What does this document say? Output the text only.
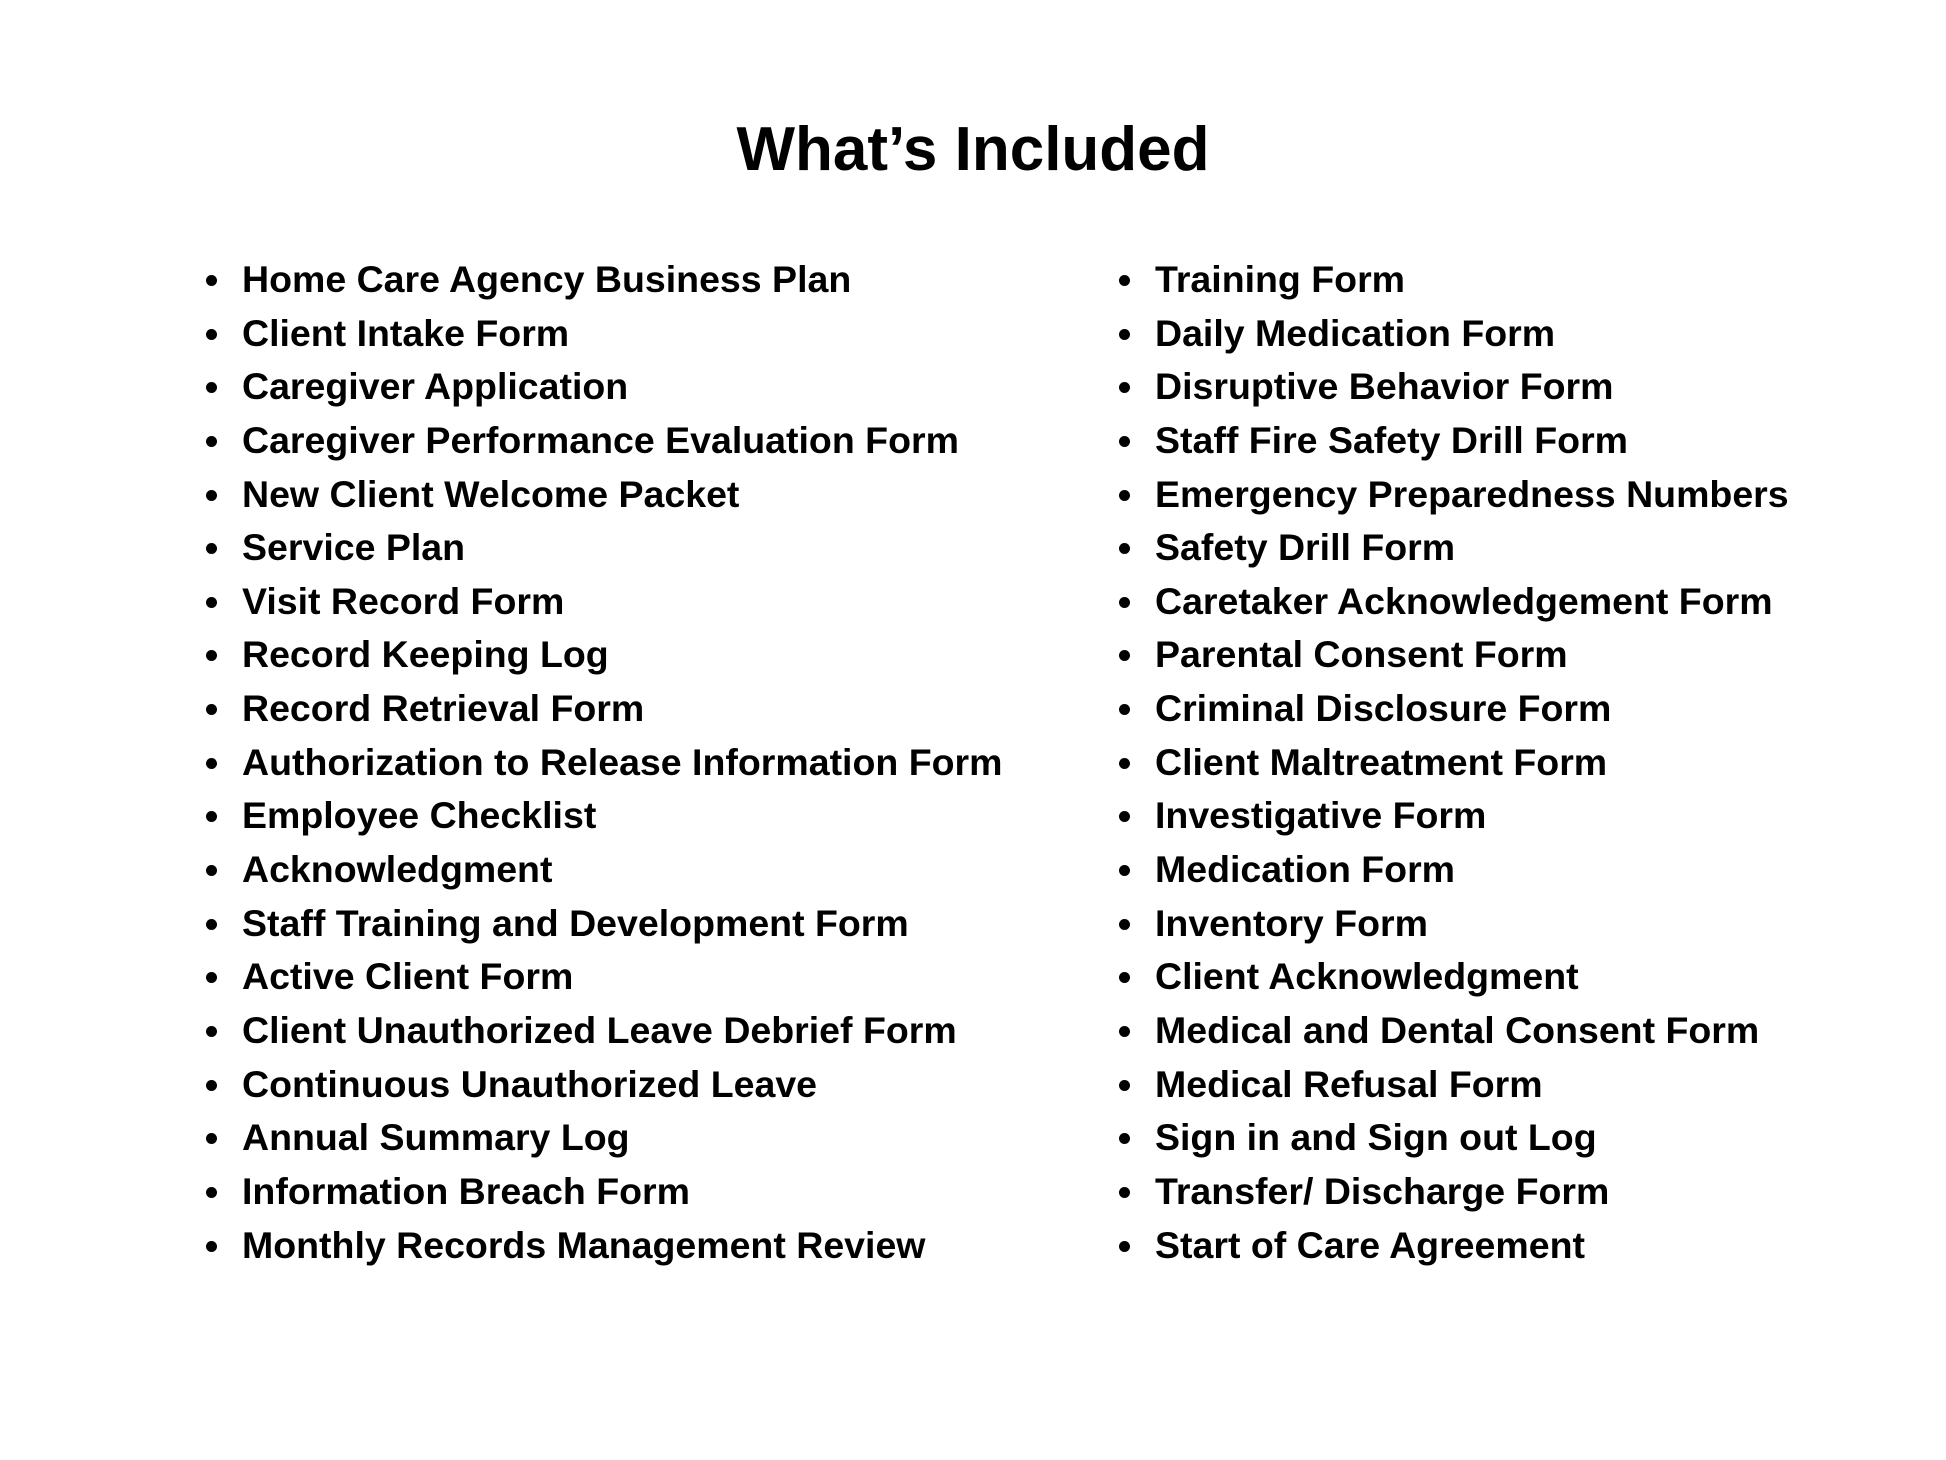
What’s Included
Home Care Agency Business Plan
Client Intake Form
Caregiver Application
Caregiver Performance Evaluation Form
New Client Welcome Packet
Service Plan
Visit Record Form
Record Keeping Log
Record Retrieval Form
Authorization to Release Information Form
Employee Checklist
Acknowledgment
Staff Training and Development Form
Active Client Form
Client Unauthorized Leave Debrief Form
Continuous Unauthorized Leave
Annual Summary Log
Information Breach Form
Monthly Records Management Review
Training Form
Daily Medication Form
Disruptive Behavior Form
Staff Fire Safety Drill Form
Emergency Preparedness Numbers
Safety Drill Form
Caretaker Acknowledgement Form
Parental Consent Form
Criminal Disclosure Form
Client Maltreatment Form
Investigative Form
Medication Form
Inventory Form
Client Acknowledgment
Medical and Dental Consent Form
Medical Refusal Form
Sign in and Sign out Log
Transfer/ Discharge Form
Start of Care Agreement
